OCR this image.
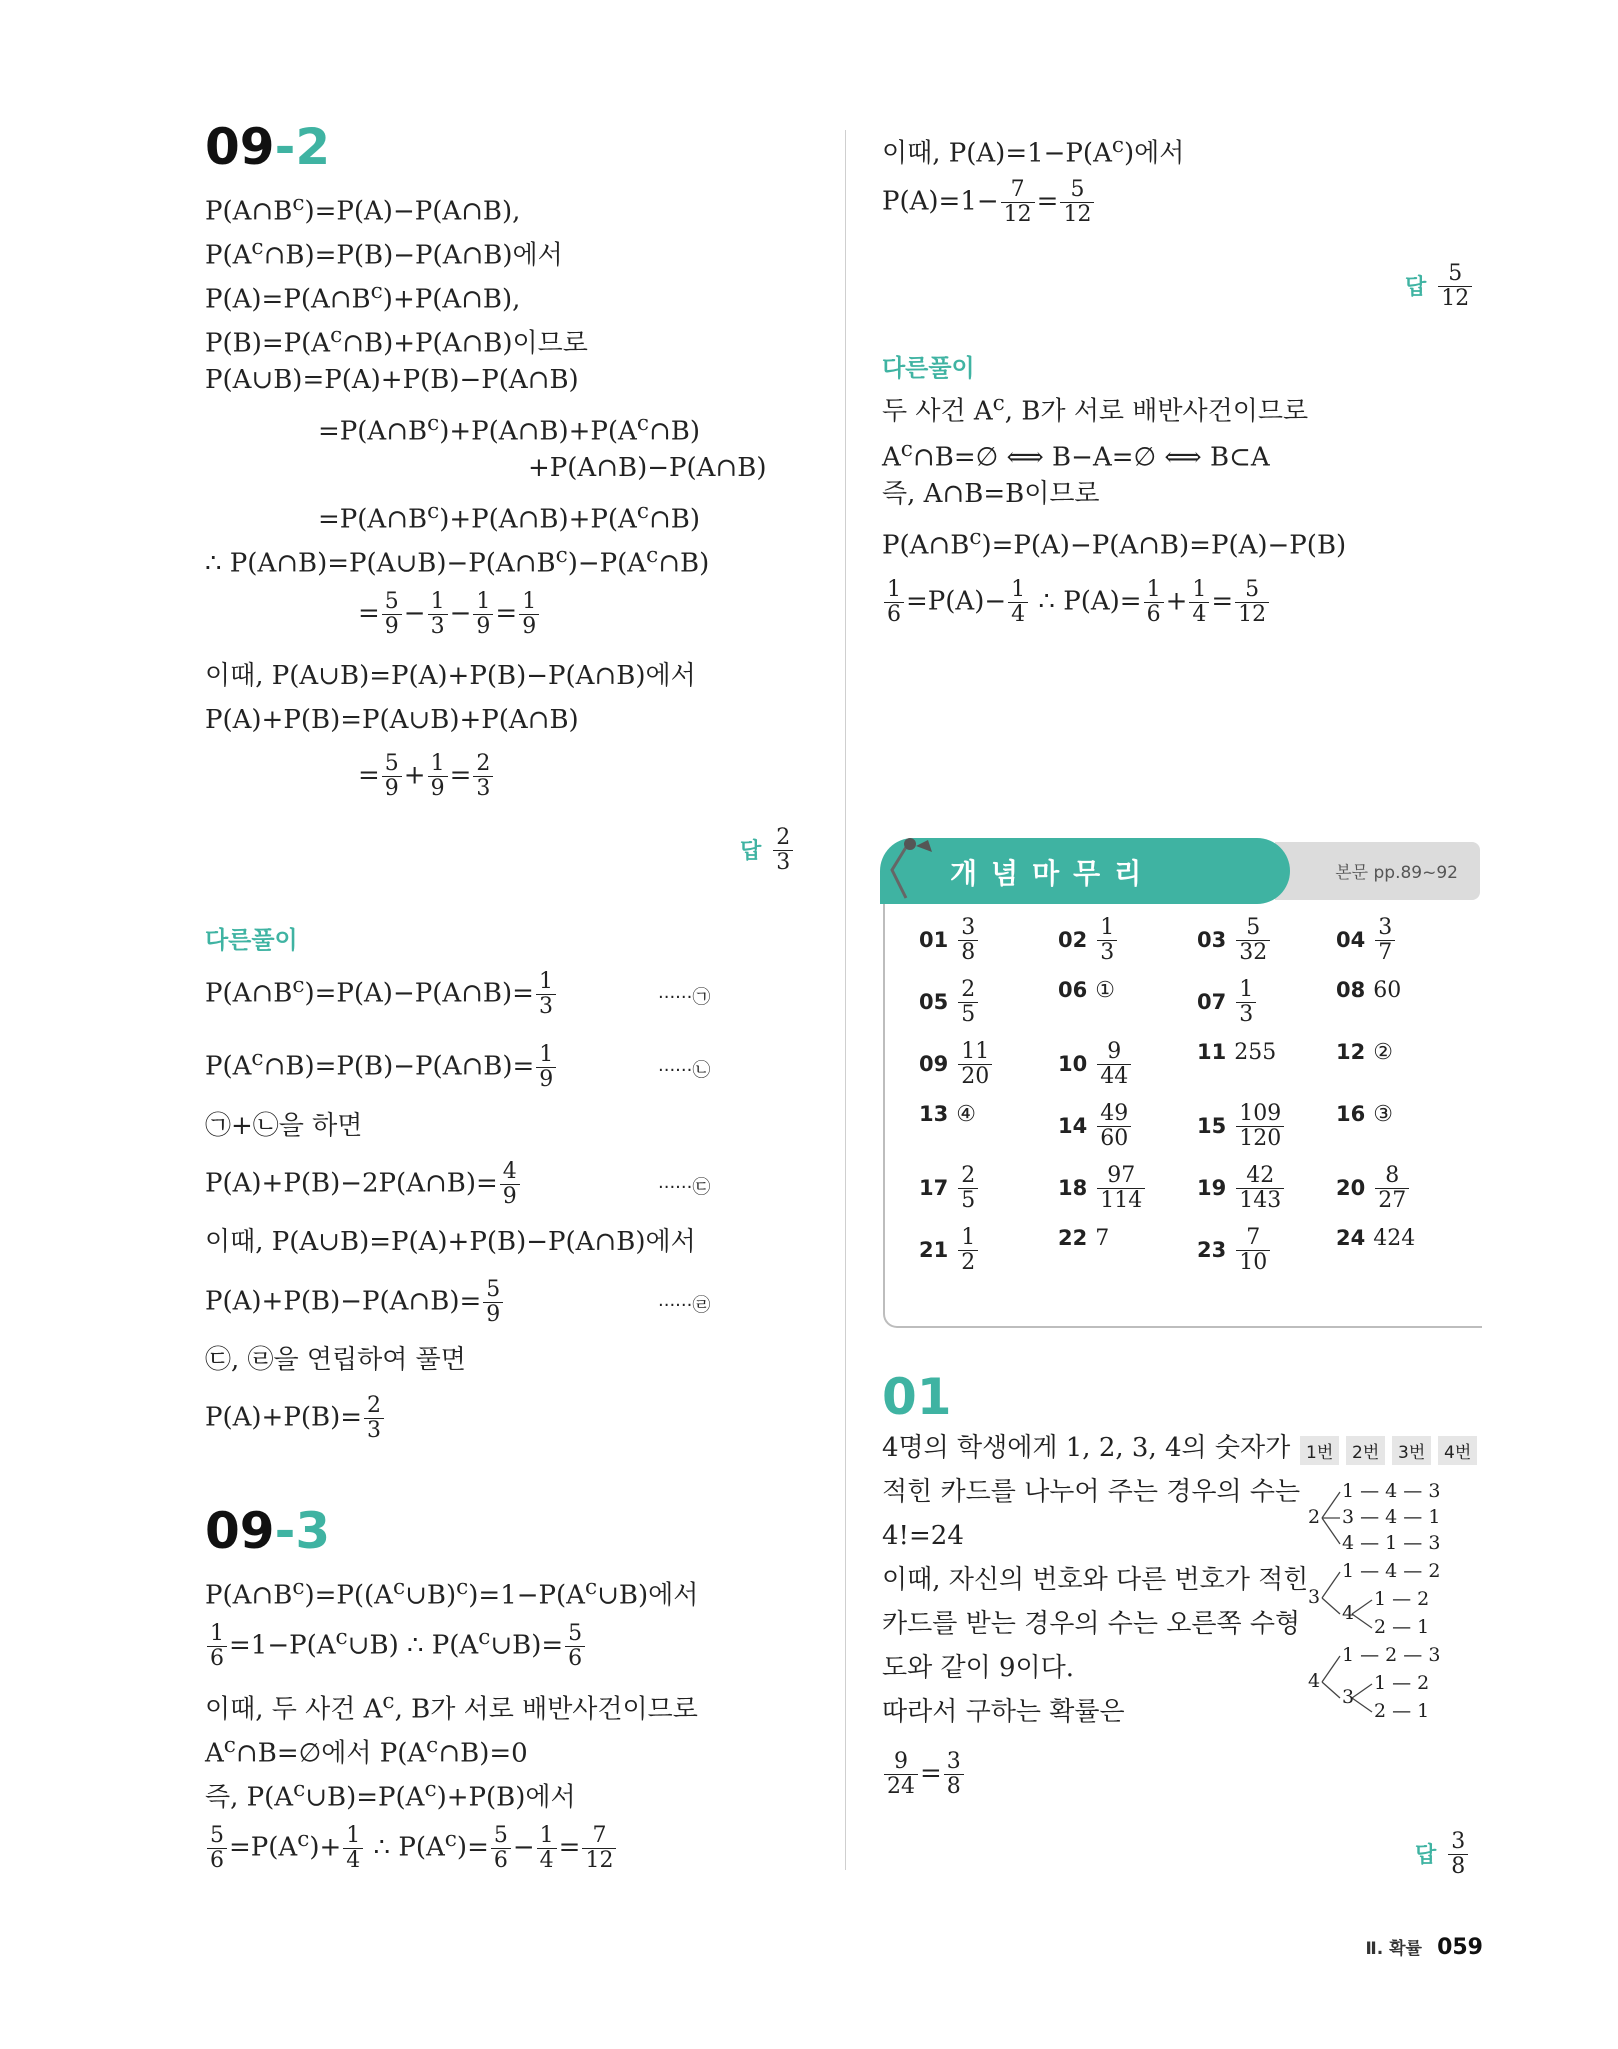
09-2
$P(A\cap B^c)=P(A)-P(A\cap B)$,
$P(A^c\cap B)=P(B)-P(A\cap B)$에서
$P(A)=P(A\cap B^c)+P(A\cap B)$,
$P(B)=P(A^c\cap B)+P(A\cap B)$이므로
P(A∪B)=P(A)+P(B)−P(A∩B)
$=P(A\cap B^c)+P(A\cap B)+P(A^c\cap B)$
+P(A∩B)−P(A∩B)
$=P(A\cap B^c)+P(A\cap B)+P(A^c\cap B)$
∴ $P(A\cap B)=P(A\cup B)-P(A\cap B^c)-P(A^c\cap B)$
= $\frac{5}{9} - \frac{1}{3} - \frac{1}{9} = \frac{1}{9}$
이때, P(A∪B)=P(A)+P(B)−P(A∩B)에서
P(A)+P(B)=P(A∪B)+P(A∩B)
= $\frac{5}{9} + \frac{1}{9} = \frac{2}{3}$
답 $\frac{2}{3}$
다른풀이
$P(A\cap B^c)=P(A)-P(A\cap B)= \frac{1}{3}$	······㉠
$P(A^c\cap B)=P(B)-P(A\cap B)= \frac{1}{9}$	······㉡
㉠+㉡을 하면
P(A)+P(B)−2P(A∩B)= $\frac{4}{9}$	······㉢
이때, P(A∪B)=P(A)+P(B)−P(A∩B)에서
P(A)+P(B)−P(A∩B)= $\frac{5}{9}$	······㉣
㉢, ㉣을 연립하여 풀면
$P(A)+P(B)= \frac{2}{3}$
09-3
$P(A\cap B^c)=P((A^c\cup B)^c)=1-P(A^c\cup B)$에서
$\frac{1}{6}$ $=1-P(A^c\cup B)$ ∴ $P(A^c\cup B)= \frac{5}{6}$
이때, 두 사건 $A^c$, B가 서로 배반사건이므로
$A^c\cap B=\emptyset$에서 $P(A^c\cap B)=0$
즉, $P(A^c\cup B)=P(A^c)+P(B)$에서
$\frac{5}{6} =P(A^c)+ \frac{1}{4}$ ∴ $P(A^c)= \frac{5}{6} - \frac{1}{4} = \frac{7}{12}$
이때, $P(A)=1-P(A^c)$에서
$P(A)=1- \frac{7}{12} = \frac{5}{12}$
답 $\frac{5}{12}$
다른풀이
두 사건 $A^c$, B가 서로 배반사건이므로
$A^c\cap B=\emptyset$ ⟺ B−A=∅ ⟺ B⊂A
즉, A∩B=B이므로
$P(A\cap B^c)=P(A)-P(A\cap B)=P(A)-P(B)$
$\frac{1}{6} =P(A)- \frac{1}{4}$ ∴ $P(A)= \frac{1}{6} + \frac{1}{4} = \frac{5}{12}$
본문 pp.89~92
개념마무리
$01 \frac{3}{8}$	$02 \frac{1}{3}$	$03 \frac{5}{32}$	$04 \frac{3}{7}$
$05 \frac{2}{5}$	06 ①	$07 \frac{1}{3}$	08 60
$09 \frac{11}{20}$	$10 \frac{9}{44}$	11 255	12 ②
13 ④	$14 \frac{49}{60}$	$15 \frac{109}{120} 16$ ③
$17 \frac{2}{5}$	$18 \frac{97}{114} 19 \frac{42}{143} 20 \frac{8}{27}$
$21 \frac{1}{2}$	22 7	$23 \frac{7}{10}$	24 424
01
4명의 학생에게 1, 2, 3, 4의 숫자가
적힌 카드를 나누어 주는 경우의 수는
4!=24
이때, 자신의 번호와 다른 번호가 적힌
카드를 받는 경우의 수는 오른쪽 수형
도와 같이 9이다.
따라서 구하는 확률은
$\frac{9}{24} = \frac{3}{8}$
답 $\frac{3}{8}$
1번	2번	3번	4번
2
3
4
1 — 4 — 3
3 — 4 — 1
4 — 1 — 3
1 — 4 — 2
4
1 — 2
2 — 1
1 — 2 — 3
3
1 — 2
2 — 1
Ⅱ. 확률 059
